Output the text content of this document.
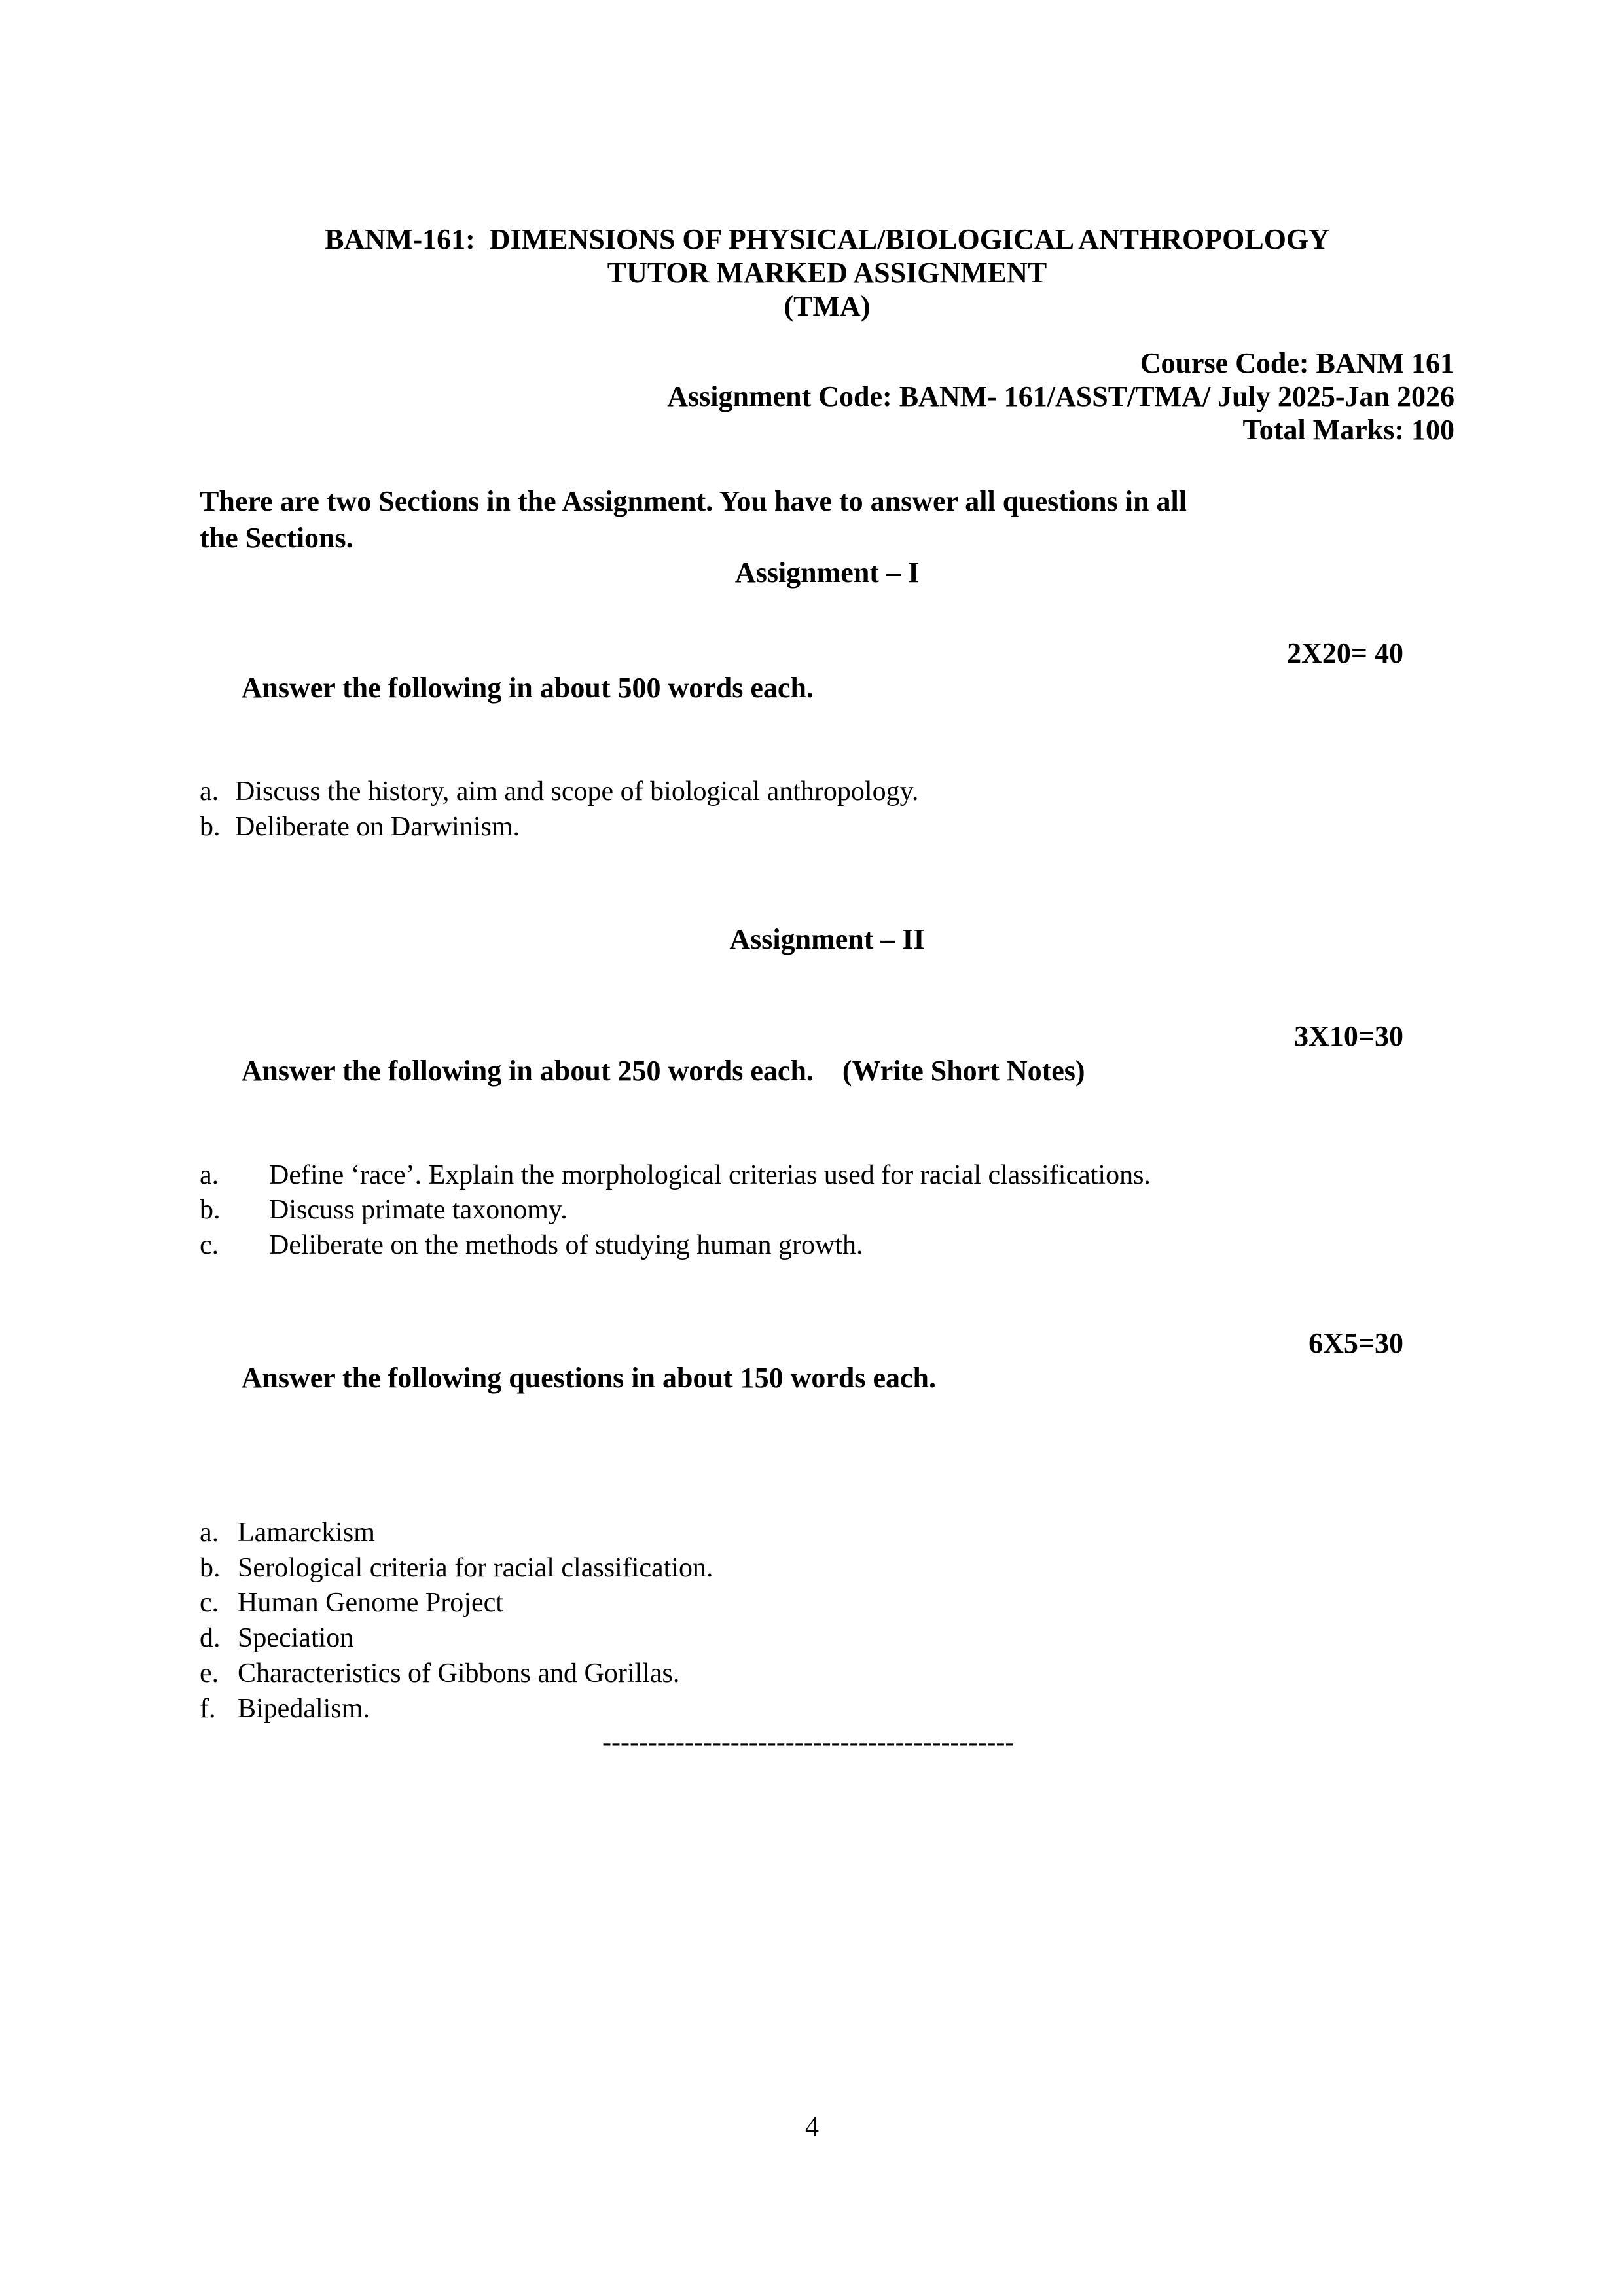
BANM-161:  DIMENSIONS OF PHYSICAL/BIOLOGICAL ANTHROPOLOGY
TUTOR MARKED ASSIGNMENT
(TMA)
Course Code: BANM 161
Assignment Code: BANM- 161/ASST/TMA/ July 2025-Jan 2026
Total Marks: 100
There are two Sections in the Assignment. You have to answer all questions in all the Sections.
Assignment – I

Answer the following in about 500 words each.

2X20= 40

a. Discuss the history, aim and scope of biological anthropology.
b. Deliberate on Darwinism.
Assignment – II

Answer the following in about 250 words each.    (Write Short Notes)

3X10=30

a.	Define ‘race’. Explain the morphological criterias used for racial classifications.
b.	Discuss primate taxonomy.
c.	Deliberate on the methods of studying human growth.

Answer the following questions in about 150 words each.

6X5=30

a. Lamarckism
b. Serological criteria for racial classification.
c. Human Genome Project
d. Speciation
e. Characteristics of Gibbons and Gorillas.
f. Bipedalism.
---------------------------------------------
4
